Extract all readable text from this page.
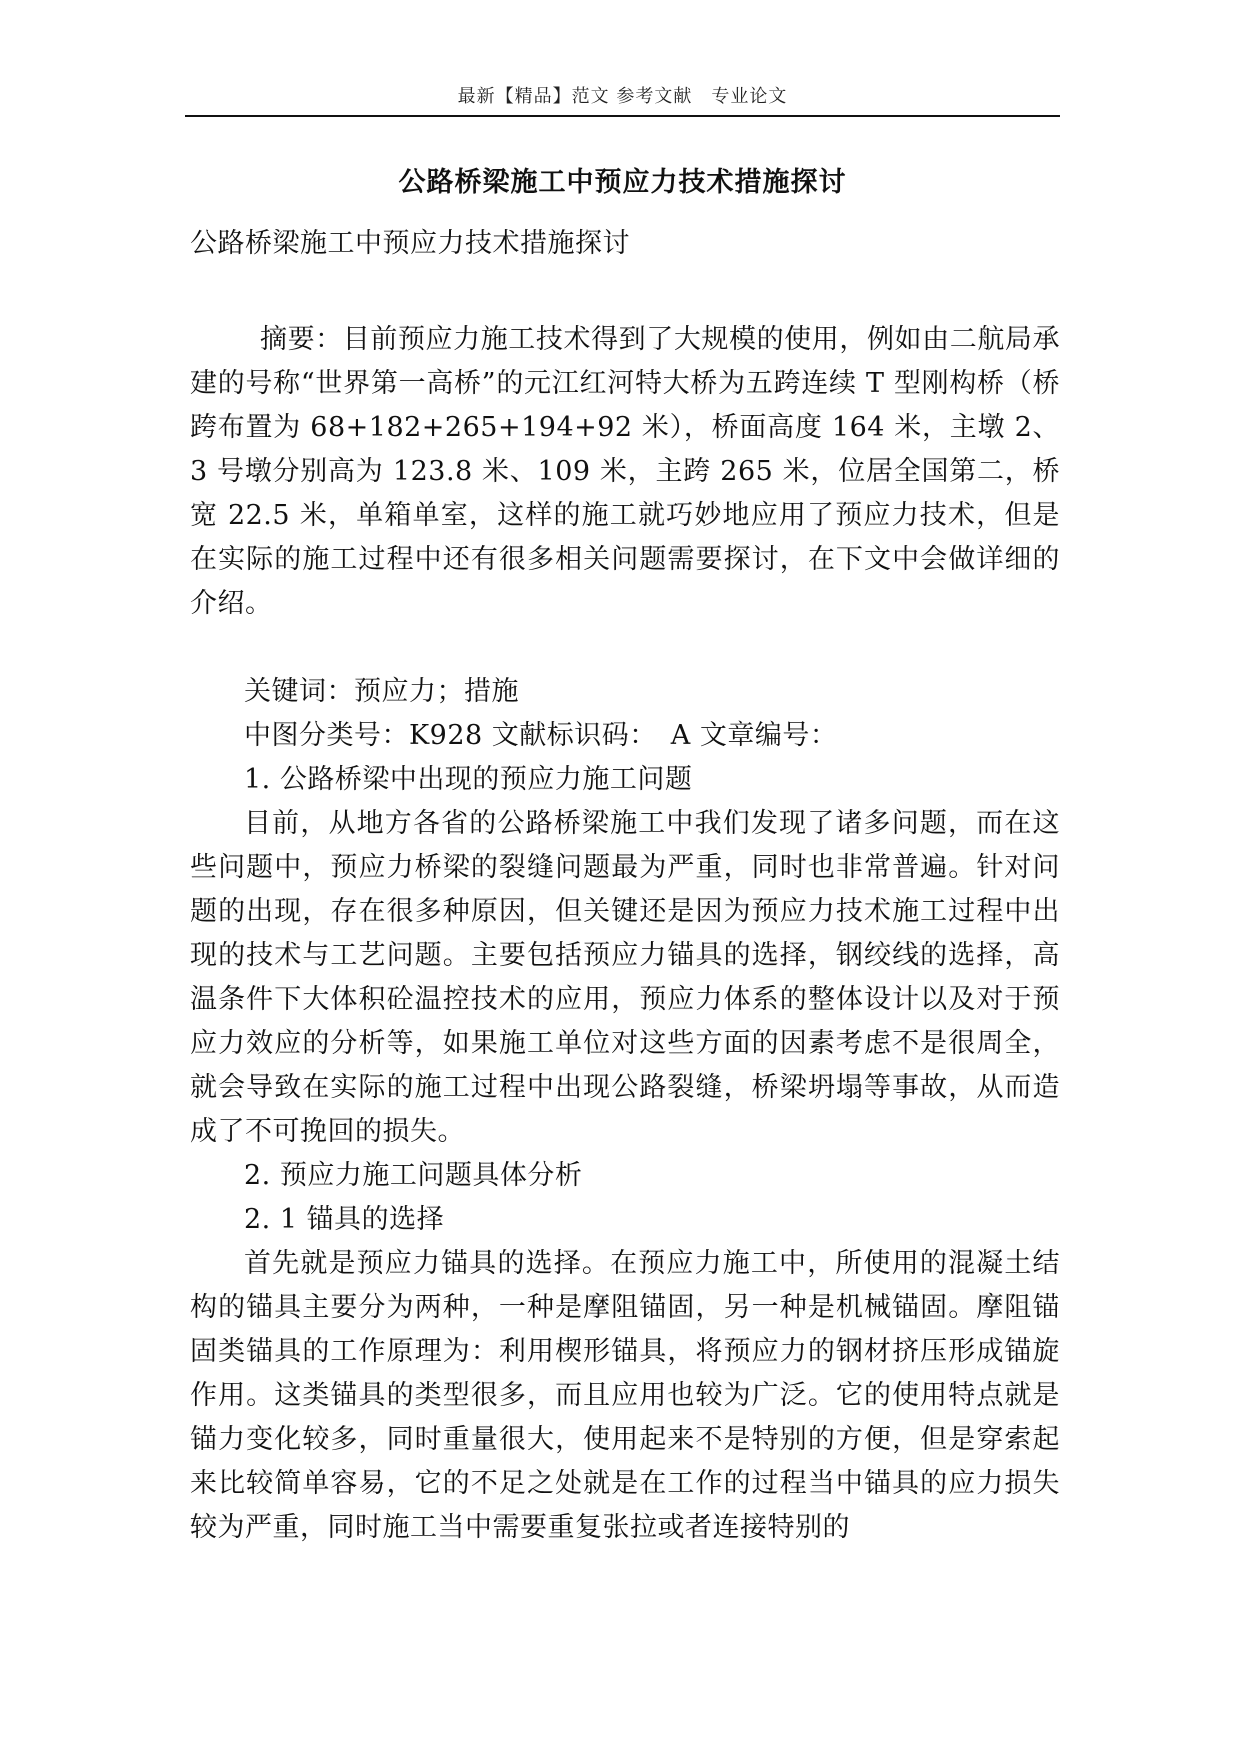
最新【精品】范文 参考文献　专业论文
公路桥梁施工中预应力技术措施探讨

公路桥梁施工中预应力技术措施探讨

摘要：目前预应力施工技术得到了大规模的使用，例如由二航局承建的号称“世界第一高桥”的元江红河特大桥为五跨连续 T 型刚构桥（桥跨布置为 68+182+265+194+92 米），桥面高度 164 米，主墩 2、3 号墩分别高为 123.8 米、109 米，主跨 265 米，位居全国第二，桥宽 22.5 米，单箱单室，这样的施工就巧妙地应用了预应力技术，但是在实际的施工过程中还有很多相关问题需要探讨，在下文中会做详细的介绍。

关键词：预应力；措施

中图分类号：K928 文献标识码：　A 文章编号：

1. 公路桥梁中出现的预应力施工问题

目前，从地方各省的公路桥梁施工中我们发现了诸多问题，而在这些问题中，预应力桥梁的裂缝问题最为严重，同时也非常普遍。针对问题的出现，存在很多种原因，但关键还是因为预应力技术施工过程中出现的技术与工艺问题。主要包括预应力锚具的选择，钢绞线的选择，高温条件下大体积砼温控技术的应用，预应力体系的整体设计以及对于预应力效应的分析等，如果施工单位对这些方面的因素考虑不是很周全，就会导致在实际的施工过程中出现公路裂缝，桥梁坍塌等事故，从而造成了不可挽回的损失。

2. 预应力施工问题具体分析

2. 1 锚具的选择

首先就是预应力锚具的选择。在预应力施工中，所使用的混凝土结构的锚具主要分为两种，一种是摩阻锚固，另一种是机械锚固。摩阻锚固类锚具的工作原理为：利用楔形锚具，将预应力的钢材挤压形成锚旋作用。这类锚具的类型很多，而且应用也较为广泛。它的使用特点就是锚力变化较多，同时重量很大，使用起来不是特别的方便，但是穿索起来比较简单容易，它的不足之处就是在工作的过程当中锚具的应力损失较为严重，同时施工当中需要重复张拉或者连接特别的
